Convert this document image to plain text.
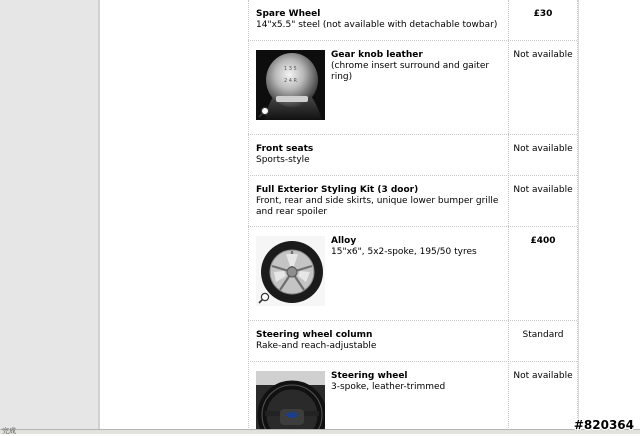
Spare Wheel
14"x5.5" steel (not available with detachable towbar)
£30
1 3 5
2 4 R
Gear knob leather
(chrome insert surround and gaiter ring)
Not available
Front seats
Sports-style
Not available
Full Exterior Styling Kit (3 door)
Front, rear and side skirts, unique lower bumper grille and rear spoiler
Not available
Alloy
15"x6", 5x2-spoke, 195/50 tyres
£400
Steering wheel column
Rake-and reach-adjustable
Standard
Steering wheel
3-spoke, leather-trimmed
Not available
完成	#820364
